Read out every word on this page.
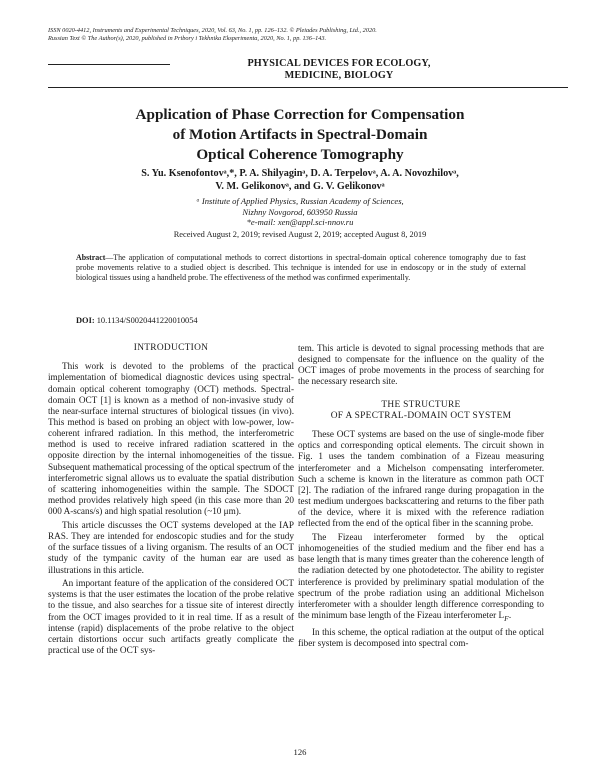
ISSN 0020-4412, Instruments and Experimental Techniques, 2020, Vol. 63, No. 1, pp. 126–132. © Pleiades Publishing, Ltd., 2020.
Russian Text © The Author(s), 2020, published in Pribory i Tekhnika Eksperimenta, 2020, No. 1, pp. 136–143.
PHYSICAL DEVICES FOR ECOLOGY,
MEDICINE, BIOLOGY
Application of Phase Correction for Compensation
of Motion Artifacts in Spectral-Domain
Optical Coherence Tomography
S. Yu. Ksenofontovᵃ,*, P. A. Shilyaginᵃ, D. A. Terpelovᵃ, A. A. Novozhilovᵃ,
V. M. Gelikonovᵃ, and G. V. Gelikonovᵃ
ᵃ Institute of Applied Physics, Russian Academy of Sciences,
Nizhny Novgorod, 603950 Russia
*e-mail: xen@appl.sci-nnov.ru
Received August 2, 2019; revised August 2, 2019; accepted August 8, 2019
Abstract—The application of computational methods to correct distortions in spectral-domain optical coherence tomography due to fast probe movements relative to a studied object is described. This technique is intended for use in endoscopy or in the study of external biological tissues using a handheld probe. The effectiveness of the method was confirmed experimentally.
DOI: 10.1134/S0020441220010054
INTRODUCTION

This work is devoted to the problems of the practical implementation of biomedical diagnostic devices using spectral-domain optical coherent tomography (OCT) methods. Spectral-domain OCT [1] is known as a method of non-invasive study of the near-surface internal structures of biological tissues (in vivo). This method is based on probing an object with low-power, low-coherent infrared radiation. In this method, the interferometric method is used to receive infrared radiation scattered in the opposite direction by the internal inhomogeneities of the tissue. Subsequent mathematical processing of the optical spectrum of the interferometric signal allows us to evaluate the spatial distribution of scattering inhomogeneities within the sample. The SDOCT method provides relatively high speed (in this case more than 20 000 A-scans/s) and high spatial resolution (~10 μm).

This article discusses the OCT systems developed at the IAP RAS. They are intended for endoscopic studies and for the study of the surface tissues of a living organism. The results of an OCT study of the tympanic cavity of the human ear are used as illustrations in this article.

An important feature of the application of the considered OCT systems is that the user estimates the location of the probe relative to the tissue, and also searches for a tissue site of interest directly from the OCT images provided to it in real time. If as a result of intense (rapid) displacements of the probe relative to the object certain distortions occur such artifacts greatly complicate the practical use of the OCT sys-

tem. This article is devoted to signal processing methods that are designed to compensate for the influence on the quality of the OCT images of probe movements in the process of searching for the necessary research site.

THE STRUCTURE
OF A SPECTRAL-DOMAIN OCT SYSTEM

These OCT systems are based on the use of single-mode fiber optics and corresponding optical elements. The circuit shown in Fig. 1 uses the tandem combination of a Fizeau measuring interferometer and a Michelson compensating interferometer. Such a scheme is known in the literature as common path OCT [2]. The radiation of the infrared range during propagation in the test medium undergoes backscattering and returns to the fiber path of the device, where it is mixed with the reference radiation reflected from the end of the optical fiber in the scanning probe.

The Fizeau interferometer formed by the optical inhomogeneities of the studied medium and the fiber end has a base length that is many times greater than the coherence length of the radiation detected by one photodetector. The ability to register interference is provided by preliminary spatial modulation of the spectrum of the probe radiation using an additional Michelson interferometer with a shoulder length difference corresponding to the minimum base length of the Fizeau interferometer $L_F$.

In this scheme, the optical radiation at the output of the optical fiber system is decomposed into spectral com-

126
